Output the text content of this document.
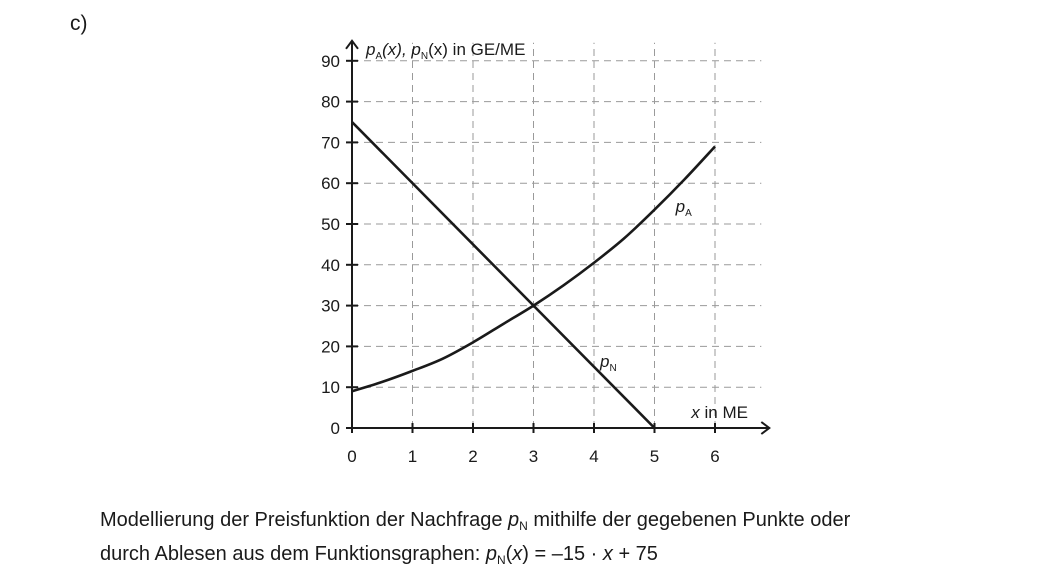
c)
0	1	2	3	4	5	6
0
10
20
30
40
50
60
70
80
90
$p_A(x)$, $p_N(x)$ in GE/ME
x in ME
$p_A$
$p_N$
Modellierung der Preisfunktion der Nachfrage $p_N$ mithilfe der gegebenen Punkte oder
durch Ablesen aus dem Funktionsgraphen: $p_N(x) = -15 \cdot x + 75$
